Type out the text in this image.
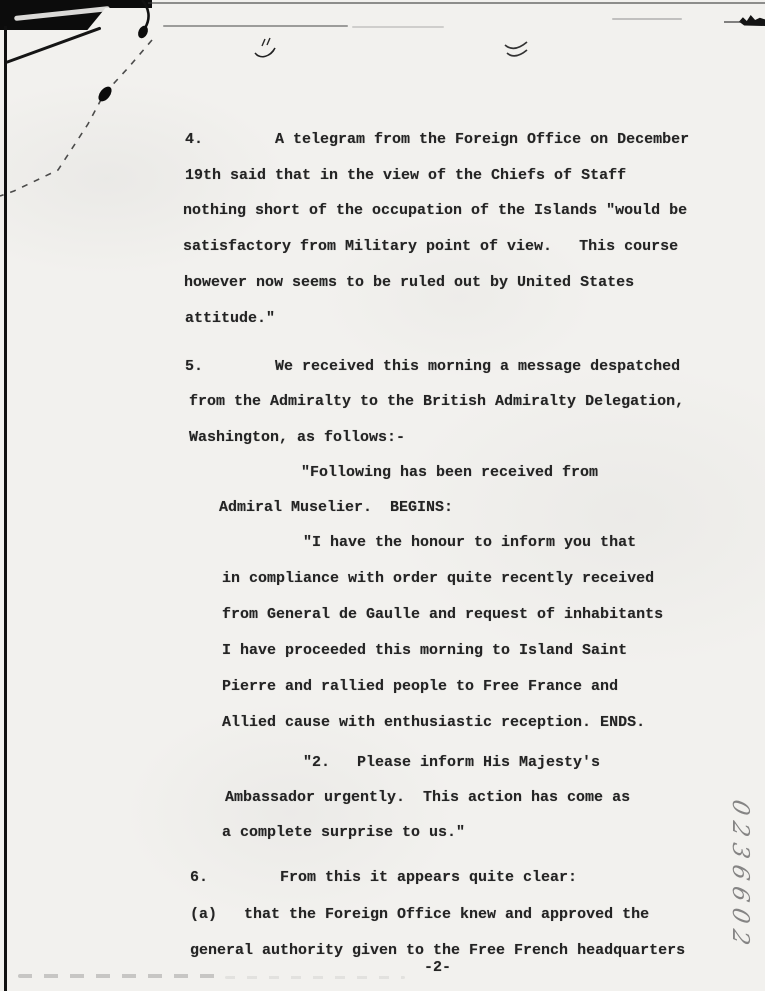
4.        A telegram from the Foreign Office on December
19th said that in the view of the Chiefs of Staff
nothing short of the occupation of the Islands "would be
satisfactory from Military point of view.   This course
however now seems to be ruled out by United States
attitude."
5.        We received this morning a message despatched
from the Admiralty to the British Admiralty Delegation,
Washington, as follows:-
"Following has been received from
Admiral Muselier.  BEGINS:
"I have the honour to inform you that
in compliance with order quite recently received
from General de Gaulle and request of inhabitants
I have proceeded this morning to Island Saint
Pierre and rallied people to Free France and
Allied cause with enthusiastic reception. ENDS.
"2.   Please inform His Majesty's
Ambassador urgently.  This action has come as
a complete surprise to us."
6.        From this it appears quite clear:
(a)   that the Foreign Office knew and approved the
general authority given to the Free French headquarters
-2-
0236602
